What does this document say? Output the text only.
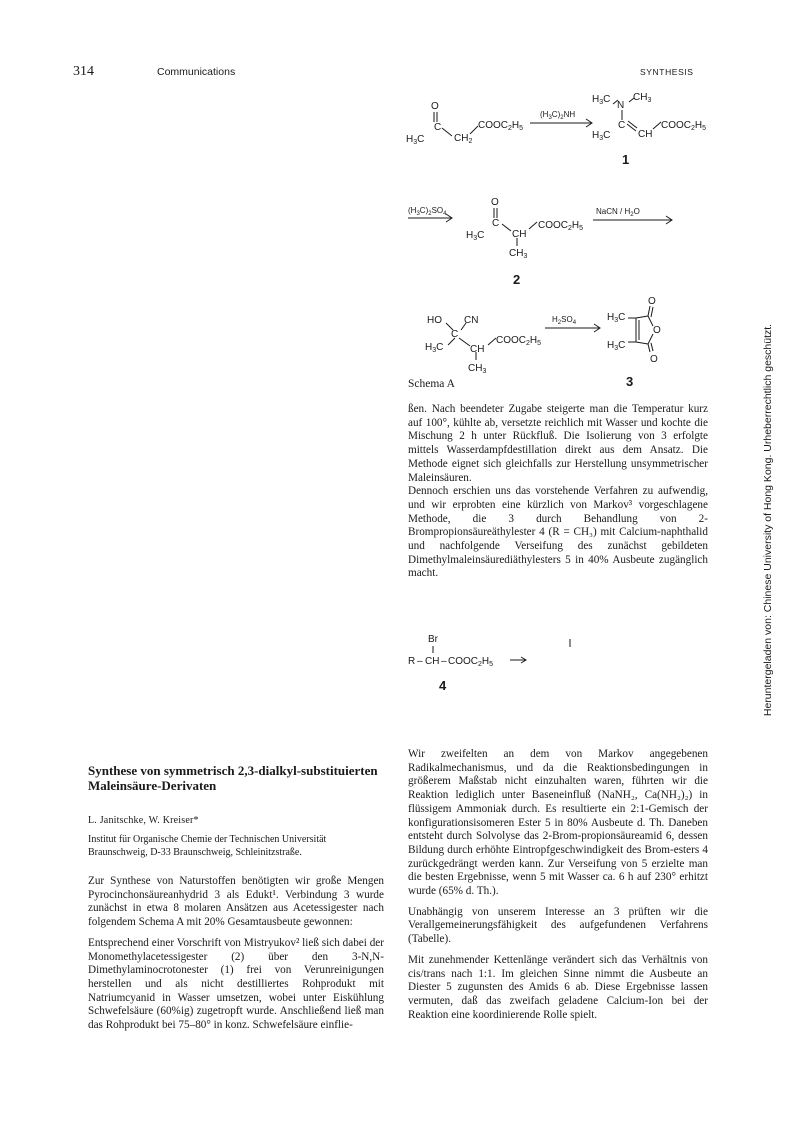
314	Communications	SYNTHESIS
Heruntergeladen von: Chinese University of Hong Kong. Urheberrechtlich geschützt.
O
$H_3C$
C
$CH_2$
$COOC_2H_5$
$(H_3C)_2NH$
$H_3C$
N
$CH_3$
$H_3C$
C
CH
$COOC_2H_5$
$(H_3C)_2SO_4$
O
$H_3C$
C
CH
$COOC_2H_5$
$CH_3$
NaCN / $H_2O$
HO CN
C
$H_3C$	CH
$COOC_2H_5$
$CH_3$
$H_2SO_4$	$H_3C$
$H_3C$
O
O
O
Br
R – CH – $COOC_2H_5$
1
2
3
4
Schema A

ßen. Nach beendeter Zugabe steigerte man die Temperatur kurz auf 100°, kühlte ab, versetzte reichlich mit Wasser und kochte die Mischung 2 h unter Rückfluß. Die Isolierung von 3 erfolgte mittels Wasserdampfdestillation direkt aus dem Ansatz. Die Methode eignet sich gleichfalls zur Herstellung unsymmetrischer Maleinsäuren.

Dennoch erschien uns das vorstehende Verfahren zu aufwendig, und wir erprobten eine kürzlich von Markov³ vorgeschlagene Methode, die 3 durch Behandlung von 2-Brompropionsäureäthylester 4 (R = CH₃) mit Calcium-naphthalid und nachfolgende Verseifung des zunächst gebildeten Dimethylmaleinsäurediäthylesters 5 in 40% Ausbeute zugänglich macht.

Wir zweifelten an dem von Markov angegebenen Radikalmechanismus, und da die Reaktionsbedingungen in größerem Maßstab nicht einzuhalten waren, führten wir die Reaktion lediglich unter Baseneinfluß (NaNH₂, Ca(NH₂)₂) in flüssigem Ammoniak durch. Es resultierte ein 2:1-Gemisch der konfigurationsisomeren Ester 5 in 80% Ausbeute d. Th. Daneben entsteht durch Solvolyse das 2-Brom-propionsäureamid 6, dessen Bildung durch erhöhte Eintropfgeschwindigkeit des Brom-esters 4 zurückgedrängt werden kann. Zur Verseifung von 5 erzielte man die besten Ergebnisse, wenn 5 mit Wasser ca. 6 h auf 230° erhitzt wurde (65% d. Th.).

Unabhängig von unserem Interesse an 3 prüften wir die Verallgemeinerungsfähigkeit des aufgefundenen Verfahrens (Tabelle).

Mit zunehmender Kettenlänge verändert sich das Verhältnis von cis/trans nach 1:1. Im gleichen Sinne nimmt die Ausbeute an Diester 5 zugunsten des Amids 6 ab. Diese Ergebnisse lassen vermuten, daß das zweifach geladene Calcium-Ion bei der Reaktion eine koordinierende Rolle spielt.

Synthese von symmetrisch 2,3-dialkyl-substituierten Maleinsäure-Derivaten
L. Janitschke, W. Kreiser*
Institut für Organische Chemie der Technischen Universität Braunschweig, D-33 Braunschweig, Schleinitzstraße.

Zur Synthese von Naturstoffen benötigten wir große Mengen Pyrocinchonsäureanhydrid 3 als Edukt¹. Verbindung 3 wurde zunächst in etwa 8 molaren Ansätzen aus Acetessigester nach folgendem Schema A mit 20% Gesamtausbeute gewonnen:

Entsprechend einer Vorschrift von Mistryukov² ließ sich dabei der Monomethylacetessigester (2) über den 3-N,N-Dimethylaminocrotonester (1) frei von Verunreinigungen herstellen und als nicht destilliertes Rohprodukt mit Natriumcyanid in Wasser umsetzen, wobei unter Eiskühlung Schwefelsäure (60%ig) zugetropft wurde. Anschließend ließ man das Rohprodukt bei 75–80° in konz. Schwefelsäure einflie-
